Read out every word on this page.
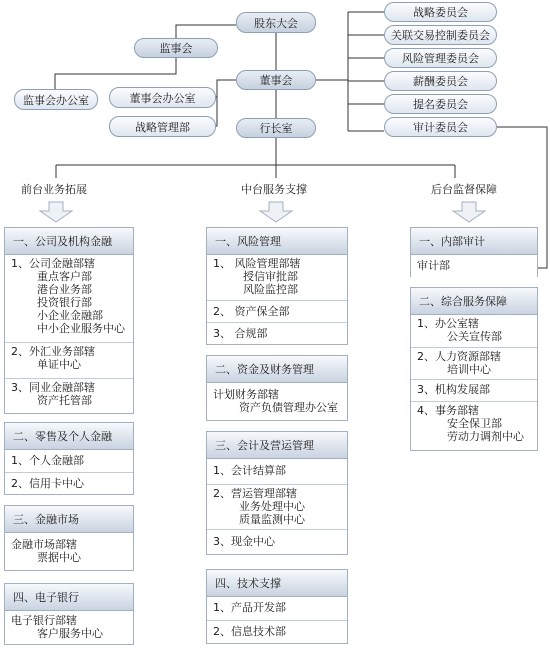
股东大会
监事会
监事会办公室
董事会
董事会办公室
战略管理部	行长室
战略委员会
关联交易控制委员会
风险管理委员会
薪酬委员会
提名委员会
审计委员会
前台业务拓展	中台服务支撑	后台监督保障
一、公司及机构金融
1、公司金融部辖
重点客户部
港台业务部
投资银行部
小企业金融部
中小企业服务中心
2、外汇业务部辖
单证中心
3、同业金融部辖
资产托管部
二、零售及个人金融
1、个人金融部
2、信用卡中心
三、金融市场
金融市场部辖
票据中心
四、电子银行
电子银行部辖
客户服务中心
一、风险管理
1、 风险管理部辖
授信审批部
风险监控部
2、 资产保全部
3、 合规部
二、资金及财务管理
计划财务部辖
资产负债管理办公室
三、会计及营运管理
1、会计结算部
2、营运管理部辖
业务处理中心
质量监测中心
3、现金中心
四、技术支撑
1、产品开发部
2、信息技术部
一、内部审计
审计部
二、综合服务保障
1、办公室辖
公关宣传部
2、人力资源部辖
培训中心
3、机构发展部
4、事务部辖
安全保卫部
劳动力调剂中心
